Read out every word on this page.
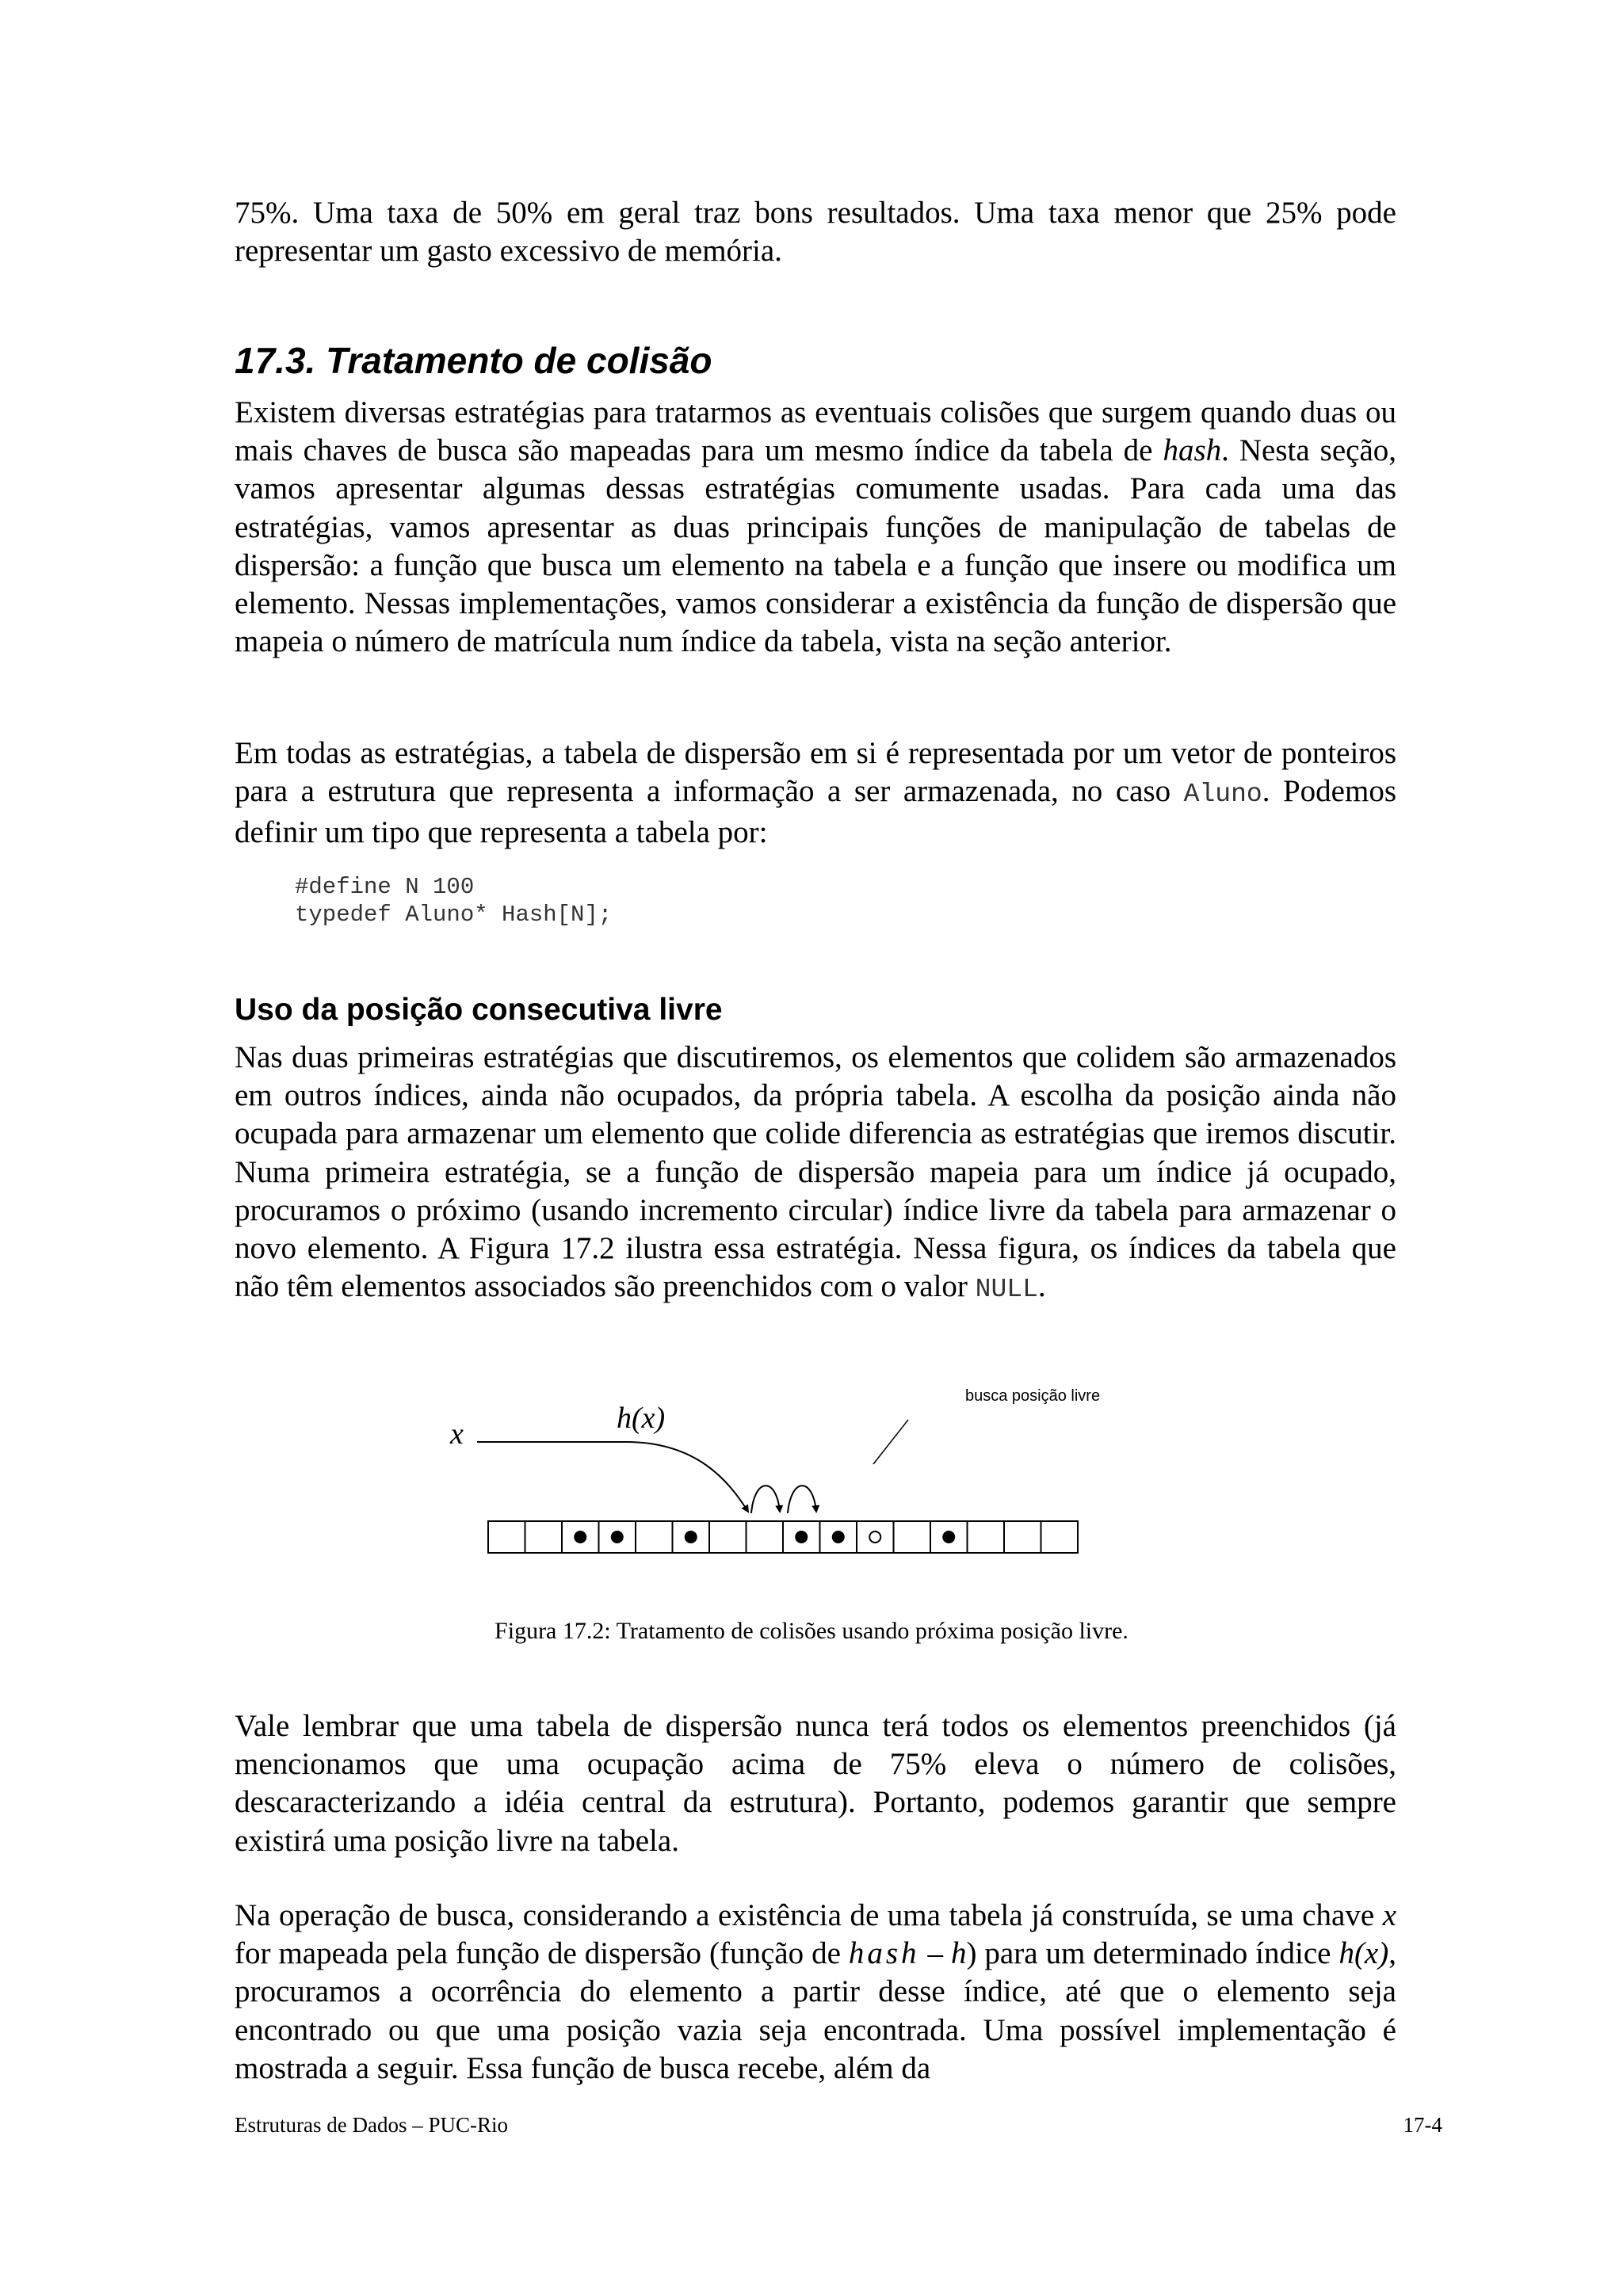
75%. Uma taxa de 50% em geral traz bons resultados. Uma taxa menor que 25% pode representar um gasto excessivo de memória.

17.3. Tratamento de colisão

Existem diversas estratégias para tratarmos as eventuais colisões que surgem quando duas ou mais chaves de busca são mapeadas para um mesmo índice da tabela de hash. Nesta seção, vamos apresentar algumas dessas estratégias comumente usadas. Para cada uma das estratégias, vamos apresentar as duas principais funções de manipulação de tabelas de dispersão: a função que busca um elemento na tabela e a função que insere ou modifica um elemento. Nessas implementações, vamos considerar a existência da função de dispersão que mapeia o número de matrícula num índice da tabela, vista na seção anterior.

Em todas as estratégias, a tabela de dispersão em si é representada por um vetor de ponteiros para a estrutura que representa a informação a ser armazenada, no caso Aluno. Podemos definir um tipo que representa a tabela por:

#define N 100
typedef Aluno* Hash[N];
Uso da posição consecutiva livre

Nas duas primeiras estratégias que discutiremos, os elementos que colidem são armazenados em outros índices, ainda não ocupados, da própria tabela. A escolha da posição ainda não ocupada para armazenar um elemento que colide diferencia as estratégias que iremos discutir. Numa primeira estratégia, se a função de dispersão mapeia para um índice já ocupado, procuramos o próximo (usando incremento circular) índice livre da tabela para armazenar o novo elemento. A Figura 17.2 ilustra essa estratégia. Nessa figura, os índices da tabela que não têm elementos associados são preenchidos com o valor NULL.

x	h(x)
busca posição livre
Figura 17.2: Tratamento de colisões usando próxima posição livre.

Vale lembrar que uma tabela de dispersão nunca terá todos os elementos preenchidos (já mencionamos que uma ocupação acima de 75% eleva o número de colisões, descaracterizando a idéia central da estrutura). Portanto, podemos garantir que sempre existirá uma posição livre na tabela.

Na operação de busca, considerando a existência de uma tabela já construída, se uma chave x for mapeada pela função de dispersão (função de hash – h) para um determinado índice h(x), procuramos a ocorrência do elemento a partir desse índice, até que o elemento seja encontrado ou que uma posição vazia seja encontrada. Uma possível implementação é mostrada a seguir. Essa função de busca recebe, além da

Estruturas de Dados – PUC-Rio	17-4
